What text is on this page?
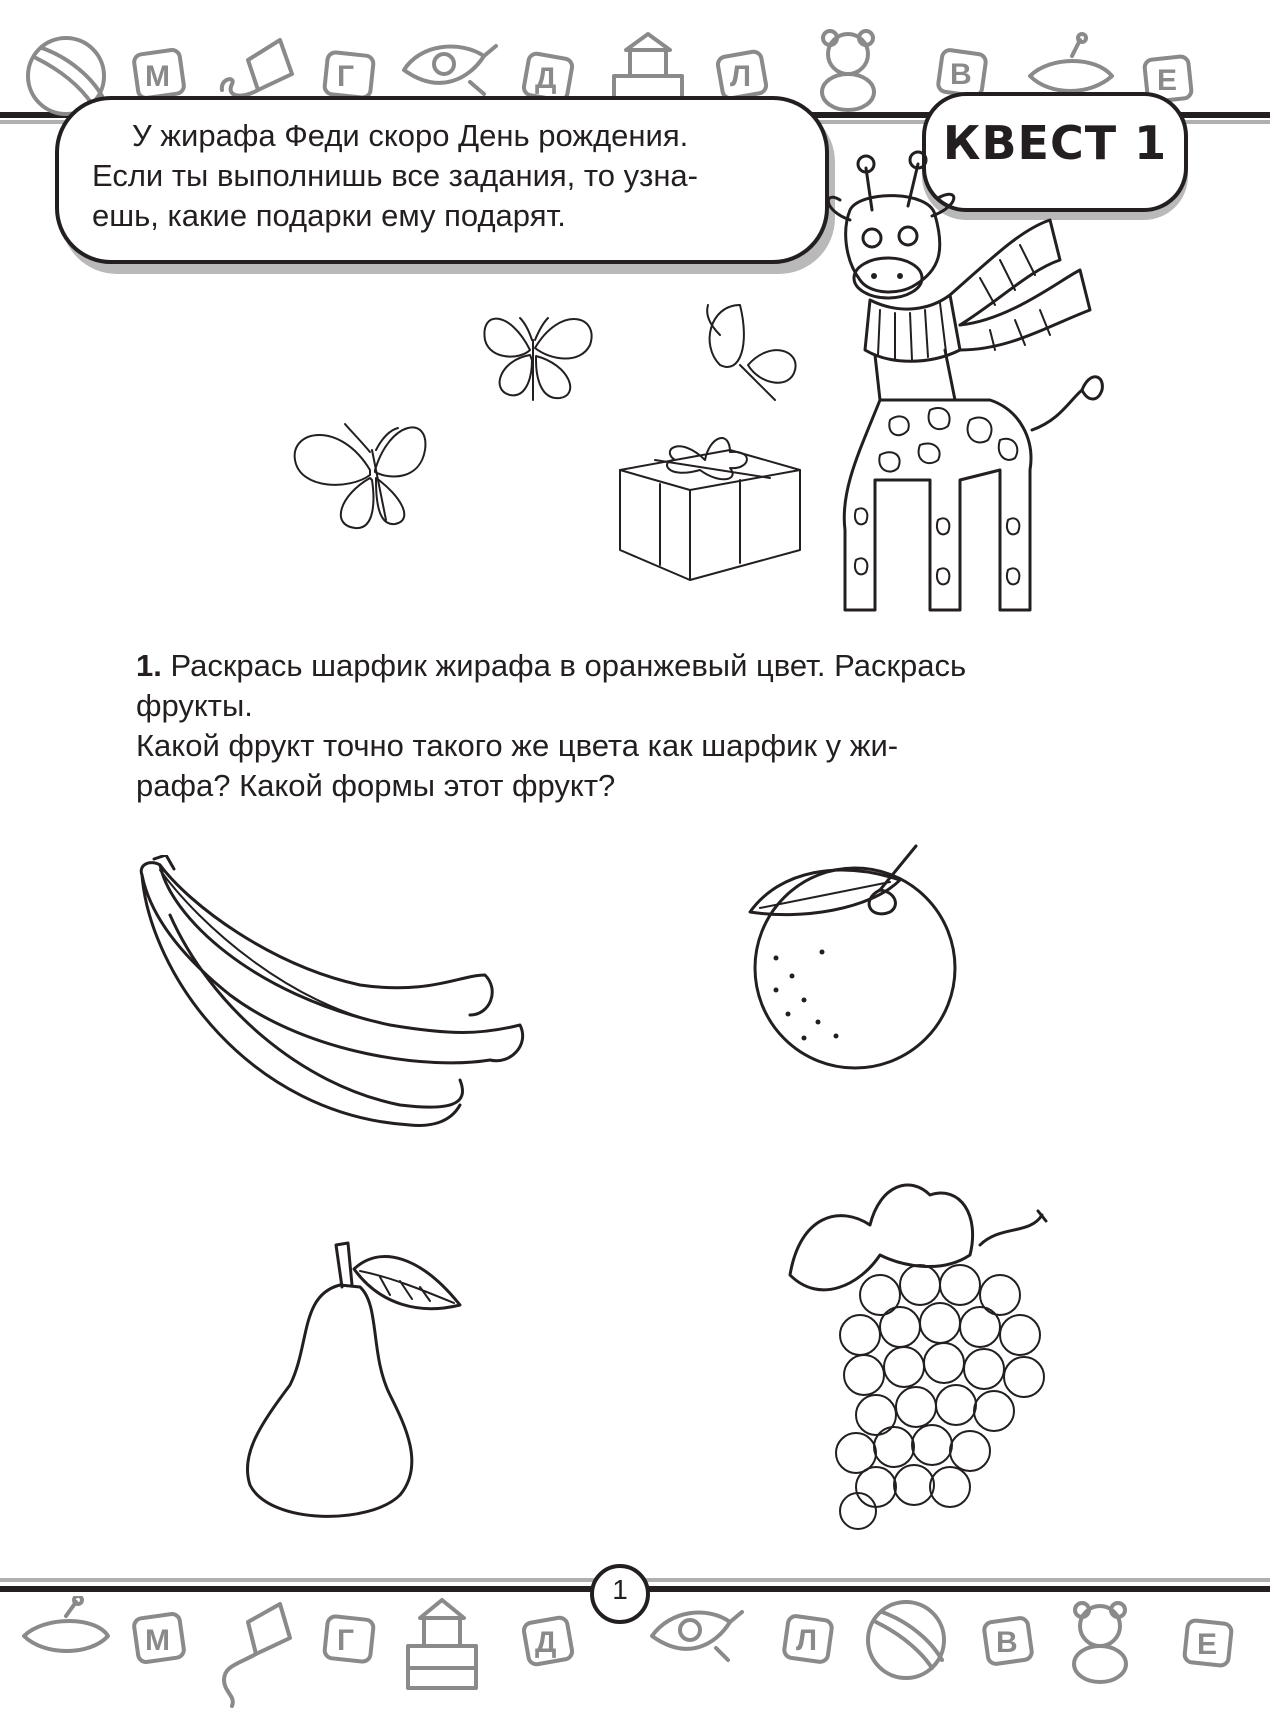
М	Г	Д	Л	В	Е
У жирафа Феди скоро День рождения.
Если ты выполнишь все задания, то узна-
ешь, какие подарки ему подарят.
КВЕСТ 1

1. Раскрась шарфик жирафа в оранжевый цвет. Раскрась

фрукты.

Какой фрукт точно такого же цвета как шарфик у жи-

рафа? Какой формы этот фрукт?

1
М	Г	Д	Л	В	Е
